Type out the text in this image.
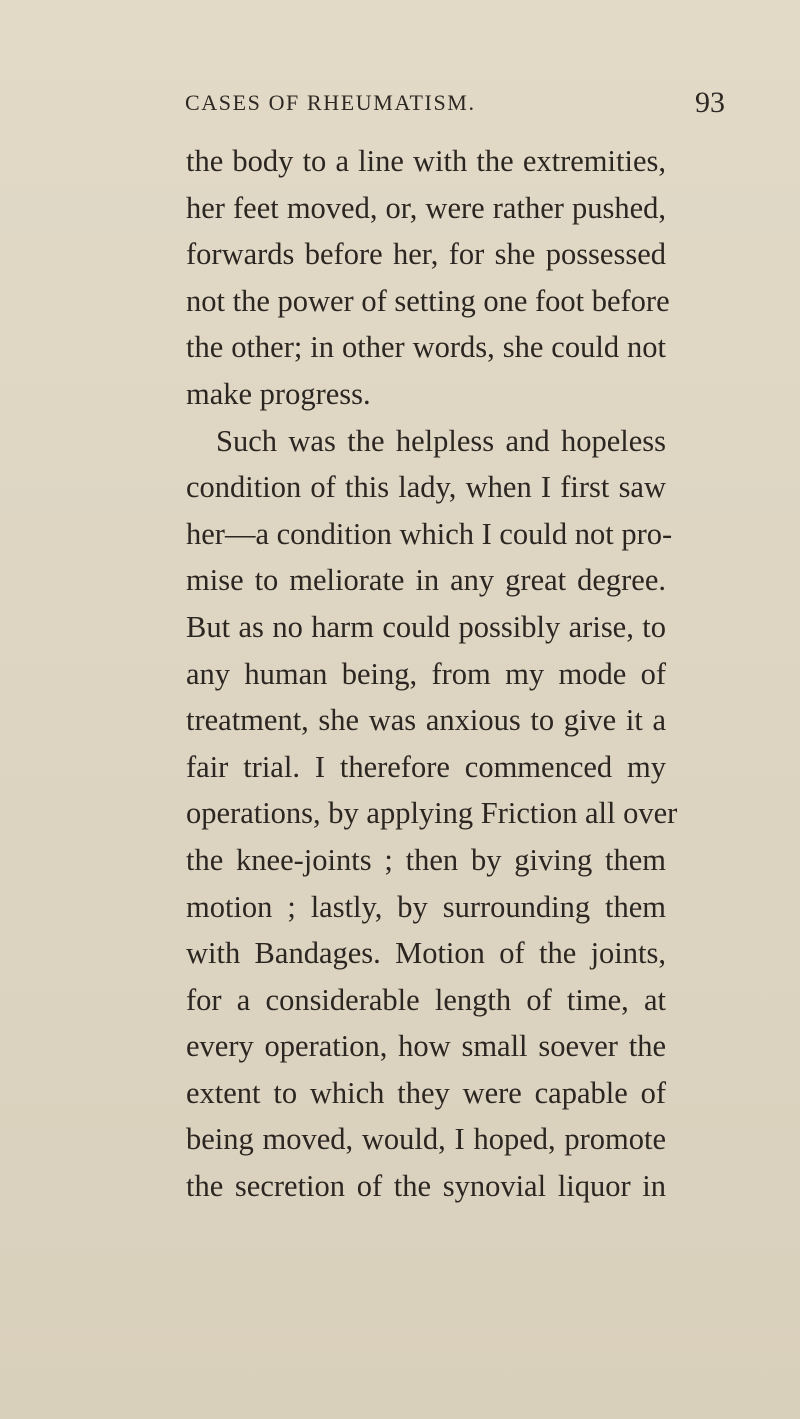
CASES OF RHEUMATISM.	93
the body to a line with the extremities,
her feet moved, or, were rather pushed,
forwards before her, for she possessed
not the power of setting one foot before
the other; in other words, she could not
make progress.
Such was the helpless and hopeless
condition of this lady, when I first saw
her—a condition which I could not pro-
mise to meliorate in any great degree.
But as no harm could possibly arise, to
any human being, from my mode of
treatment, she was anxious to give it a
fair trial. I therefore commenced my
operations, by applying Friction all over
the knee-joints ; then by giving them
motion ; lastly, by surrounding them
with Bandages. Motion of the joints,
for a considerable length of time, at
every operation, how small soever the
extent to which they were capable of
being moved, would, I hoped, promote
the secretion of the synovial liquor in
